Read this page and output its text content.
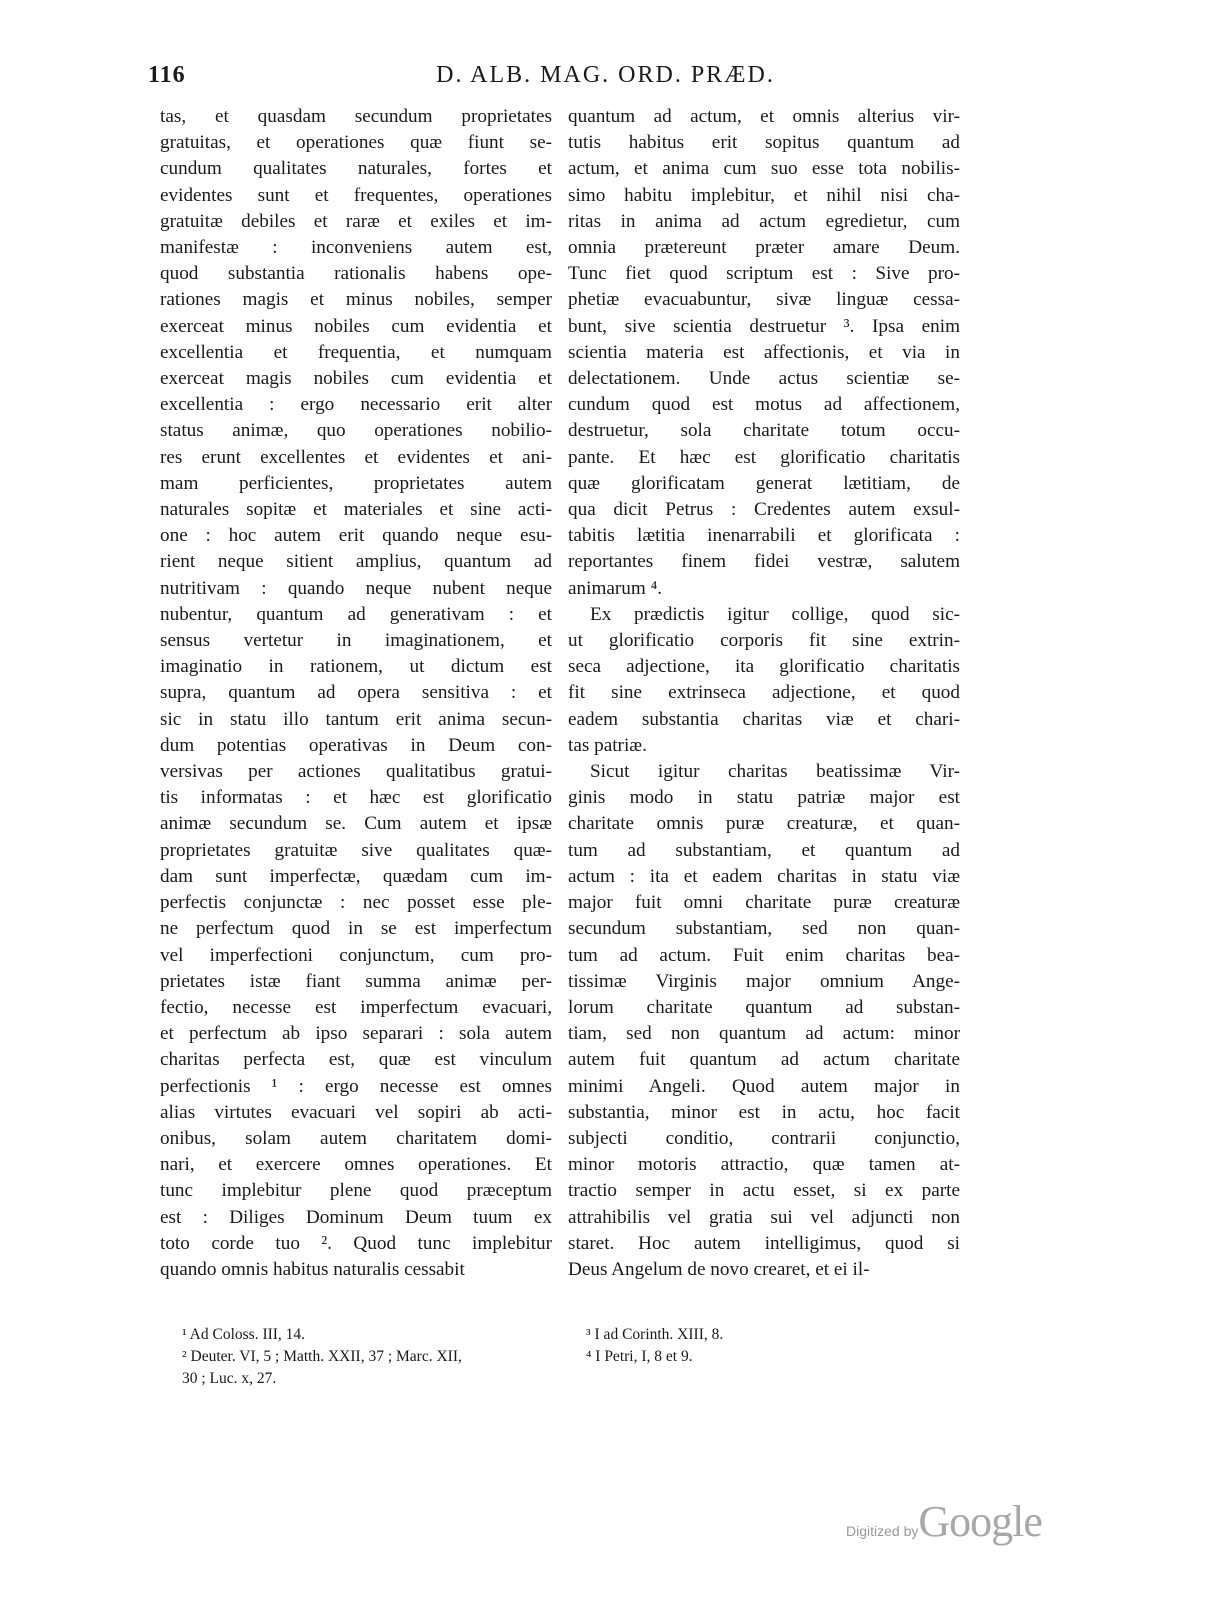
116	D. ALB. MAG. ORD. PRÆD.
tas, et quasdam secundum proprietates
gratuitas, et operationes quæ fiunt se-
cundum qualitates naturales, fortes et
evidentes sunt et frequentes, operationes
gratuitæ debiles et raræ et exiles et im-
manifestæ : inconveniens autem est,
quod substantia rationalis habens ope-
rationes magis et minus nobiles, semper
exerceat minus nobiles cum evidentia et
excellentia et frequentia, et numquam
exerceat magis nobiles cum evidentia et
excellentia : ergo necessario erit alter
status animæ, quo operationes nobilio-
res erunt excellentes et evidentes et ani-
mam perficientes, proprietates autem
naturales sopitæ et materiales et sine acti-
one : hoc autem erit quando neque esu-
rient neque sitient amplius, quantum ad
nutritivam : quando neque nubent neque
nubentur, quantum ad generativam : et
sensus vertetur in imaginationem, et
imaginatio in rationem, ut dictum est
supra, quantum ad opera sensitiva : et
sic in statu illo tantum erit anima secun-
dum potentias operativas in Deum con-
versivas per actiones qualitatibus gratui-
tis informatas : et hæc est glorificatio
animæ secundum se. Cum autem et ipsæ
proprietates gratuitæ sive qualitates quæ-
dam sunt imperfectæ, quædam cum im-
perfectis conjunctæ : nec posset esse ple-
ne perfectum quod in se est imperfectum
vel imperfectioni conjunctum, cum pro-
prietates istæ fiant summa animæ per-
fectio, necesse est imperfectum evacuari,
et perfectum ab ipso separari : sola autem
charitas perfecta est, quæ est vinculum
perfectionis ¹ : ergo necesse est omnes
alias virtutes evacuari vel sopiri ab acti-
onibus, solam autem charitatem domi-
nari, et exercere omnes operationes. Et
tunc implebitur plene quod præceptum
est : Diliges Dominum Deum tuum ex
toto corde tuo ². Quod tunc implebitur
quando omnis habitus naturalis cessabit
quantum ad actum, et omnis alterius vir-
tutis habitus erit sopitus quantum ad
actum, et anima cum suo esse tota nobilis-
simo habitu implebitur, et nihil nisi cha-
ritas in anima ad actum egredietur, cum
omnia prætereunt præter amare Deum.
Tunc fiet quod scriptum est : Sive pro-
phetiæ evacuabuntur, sivæ linguæ cessa-
bunt, sive scientia destruetur ³. Ipsa enim
scientia materia est affectionis, et via in
delectationem. Unde actus scientiæ se-
cundum quod est motus ad affectionem,
destruetur, sola charitate totum occu-
pante. Et hæc est glorificatio charitatis
quæ glorificatam generat lætitiam, de
qua dicit Petrus : Credentes autem exsul-
tabitis lætitia inenarrabili et glorificata :
reportantes finem fidei vestræ, salutem
animarum ⁴.
Ex prædictis igitur collige, quod sic-
ut glorificatio corporis fit sine extrin-
seca adjectione, ita glorificatio charitatis
fit sine extrinseca adjectione, et quod
eadem substantia charitas viæ et chari-
tas patriæ.
Sicut igitur charitas beatissimæ Vir-
ginis modo in statu patriæ major est
charitate omnis puræ creaturæ, et quan-
tum ad substantiam, et quantum ad
actum : ita et eadem charitas in statu viæ
major fuit omni charitate puræ creaturæ
secundum substantiam, sed non quan-
tum ad actum. Fuit enim charitas bea-
tissimæ Virginis major omnium Ange-
lorum charitate quantum ad substan-
tiam, sed non quantum ad actum: minor
autem fuit quantum ad actum charitate
minimi Angeli. Quod autem major in
substantia, minor est in actu, hoc facit
subjecti conditio, contrarii conjunctio,
minor motoris attractio, quæ tamen at-
tractio semper in actu esset, si ex parte
attrahibilis vel gratia sui vel adjuncti non
staret. Hoc autem intelligimus, quod si
Deus Angelum de novo crearet, et ei il-
¹ Ad Coloss. III, 14.
² Deuter. VI, 5 ; Matth. XXII, 37 ; Marc. XII,
30 ; Luc. x, 27.
³ I ad Corinth. XIII, 8.
⁴ I Petri, I, 8 et 9.
Digitized byGoogle
